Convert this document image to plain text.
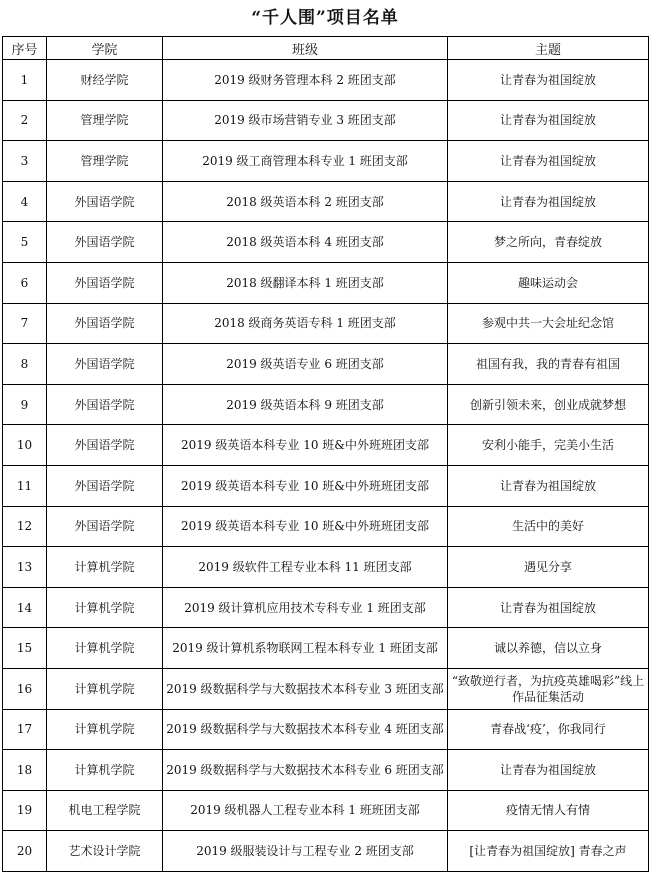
“千人围”项目名单
序号	学院	班级	主题
1	财经学院	2019 级财务管理本科 2 班团支部	让青春为祖国绽放
2	管理学院	2019 级市场营销专业 3 班团支部	让青春为祖国绽放
3	管理学院	2019 级工商管理本科专业 1 班团支部	让青春为祖国绽放
4	外国语学院	2018 级英语本科 2 班团支部	让青春为祖国绽放
5	外国语学院	2018 级英语本科 4 班团支部	梦之所向，青春绽放
6	外国语学院	2018 级翻译本科 1 班团支部	趣味运动会
7	外国语学院	2018 级商务英语专科 1 班团支部	参观中共一大会址纪念馆
8	外国语学院	2019 级英语专业 6 班团支部	祖国有我，我的青春有祖国
9	外国语学院	2019 级英语本科 9 班团支部	创新引领未来，创业成就梦想
10	外国语学院	2019 级英语本科专业 10 班&中外班班团支部	安利小能手，完美小生活
11	外国语学院	2019 级英语本科专业 10 班&中外班班团支部	让青春为祖国绽放
12	外国语学院	2019 级英语本科专业 10 班&中外班班团支部	生活中的美好
13	计算机学院	2019 级软件工程专业本科 11 班团支部	遇见分享
14	计算机学院	2019 级计算机应用技术专科专业 1 班团支部	让青春为祖国绽放
15	计算机学院	2019 级计算机系物联网工程本科专业 1 班团支部	诚以养德，信以立身
16	计算机学院	2019 级数据科学与大数据技术本科专业 3 班团支部	“致敬逆行者，为抗疫英雄喝彩”线上作品征集活动
17	计算机学院	2019 级数据科学与大数据技术本科专业 4 班团支部	青春战‘疫’，你我同行
18	计算机学院	2019 级数据科学与大数据技术本科专业 6 班团支部	让青春为祖国绽放
19	机电工程学院	2019 级机器人工程专业本科 1 班班团支部	疫情无情人有情
20	艺术设计学院	2019 级服装设计与工程专业 2 班团支部	[让青春为祖国绽放] 青春之声
